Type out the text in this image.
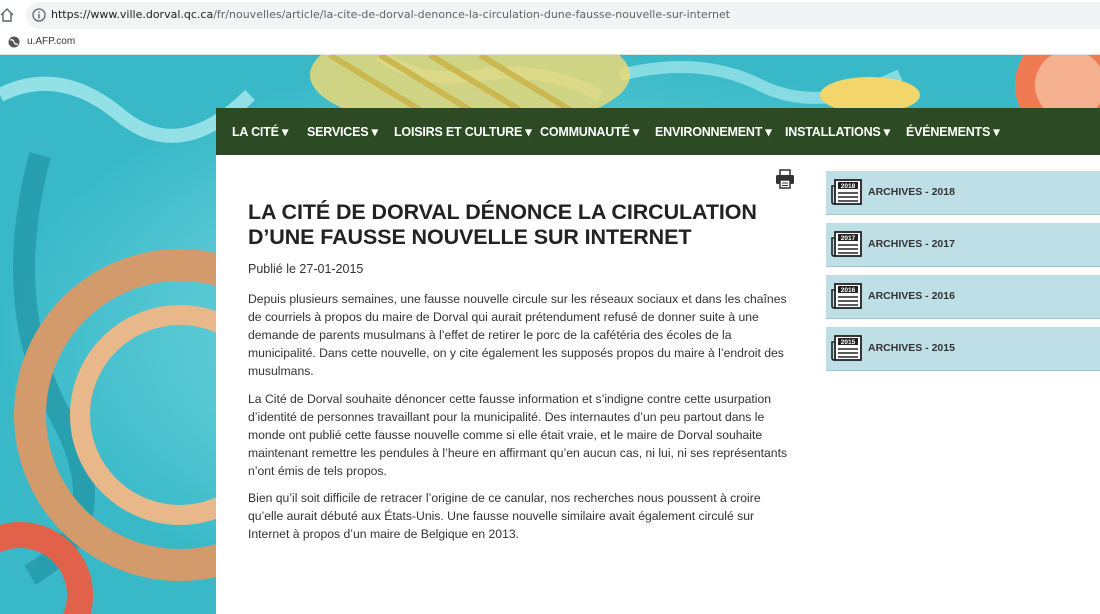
https://www.ville.dorval.qc.ca/fr/nouvelles/article/la-cite-de-dorval-denonce-la-circulation-dune-fausse-nouvelle-sur-internet
u.AFP.com
LA CITÉ ▾ SERVICES ▾ LOISIRS ET CULTURE ▾ COMMUNAUTÉ ▾ ENVIRONNEMENT ▾ INSTALLATIONS ▾ ÉVÉNEMENTS ▾
LA CITÉ DE DORVAL DÉNONCE LA CIRCULATION D’UNE FAUSSE NOUVELLE SUR INTERNET
Publié le 27-01-2015

Depuis plusieurs semaines, une fausse nouvelle circule sur les réseaux sociaux et dans les chaînes de courriels à propos du maire de Dorval qui aurait prétendument refusé de donner suite à une demande de parents musulmans à l’effet de retirer le porc de la cafétéria des écoles de la municipalité. Dans cette nouvelle, on y cite également les supposés propos du maire à l’endroit des musulmans.

La Cité de Dorval souhaite dénoncer cette fausse information et s’indigne contre cette usurpation d’identité de personnes travaillant pour la municipalité. Des internautes d’un peu partout dans le monde ont publié cette fausse nouvelle comme si elle était vraie, et le maire de Dorval souhaite maintenant remettre les pendules à l’heure en affirmant qu’en aucun cas, ni lui, ni ses représentants n’ont émis de tels propos.

Bien qu’il soit difficile de retracer l’origine de ce canular, nos recherches nous poussent à croire qu’elle aurait débuté aux États-Unis. Une fausse nouvelle similaire avait également circulé sur Internet à propos d’un maire de Belgique en 2013.

2018 ARCHIVES - 2018
2017 ARCHIVES - 2017
2016 ARCHIVES - 2016
2015 ARCHIVES - 2015
